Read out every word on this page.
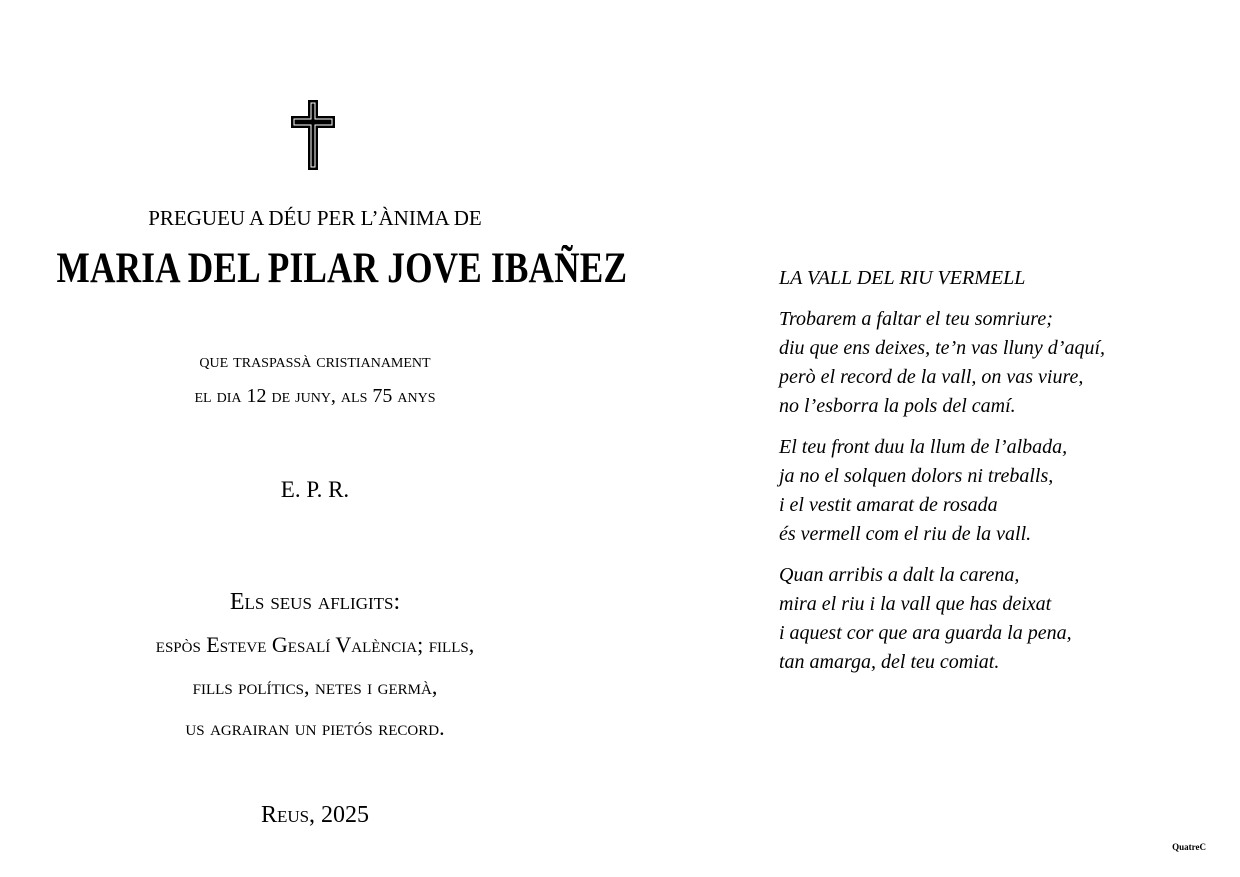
PREGUEU A DÉU PER L’ÀNIMA DE
MARIA DEL PILAR JOVE IBAÑEZ
que traspassà cristianament
el dia 12 de juny, als 75 anys
E. P. R.
Els seus afligits:
espòs Esteve Gesalí València; fills,
fills polítics, netes i germà,
us agrairan un pietós record.
Reus, 2025
LA VALL DEL RIU VERMELL
Trobarem a faltar el teu somriure;
diu que ens deixes, te’n vas lluny d’aquí,
però el record de la vall, on vas viure,
no l’esborra la pols del camí.
El teu front duu la llum de l’albada,
ja no el solquen dolors ni treballs,
i el vestit amarat de rosada
és vermell com el riu de la vall.
Quan arribis a dalt la carena,
mira el riu i la vall que has deixat
i aquest cor que ara guarda la pena,
tan amarga, del teu comiat.
QuatreC
